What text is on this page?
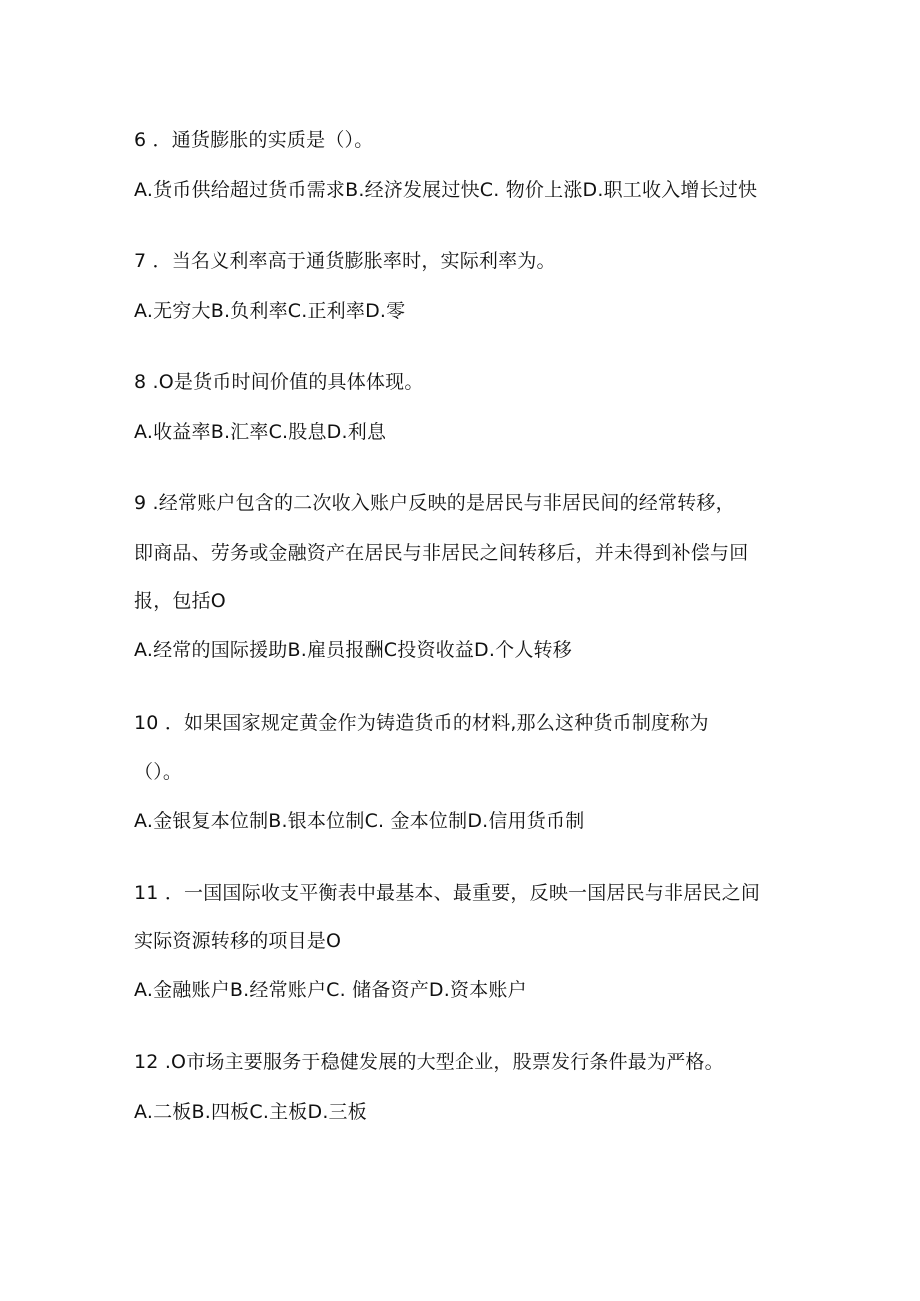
6 ．通货膨胀的实质是（）。
A.货币供给超过货币需求B.经济发展过快C. 物价上涨D.职工收入增长过快
7 ．当名义利率高于通货膨胀率时，实际利率为。
A.无穷大B.负利率C.正利率D.零
8 .O是货币时间价值的具体体现。
A.收益率B.汇率C.股息D.利息
9 .经常账户包含的二次收入账户反映的是居民与非居民间的经常转移，
即商品、劳务或金融资产在居民与非居民之间转移后，并未得到补偿与回
报，包括O
A.经常的国际援助B.雇员报酬C投资收益D.个人转移
10 ．如果国家规定黄金作为铸造货币的材料,那么这种货币制度称为
（）。
A.金银复本位制B.银本位制C. 金本位制D.信用货币制
11 ．一国国际收支平衡表中最基本、最重要，反映一国居民与非居民之间
实际资源转移的项目是O
A.金融账户B.经常账户C. 储备资产D.资本账户
12 .O市场主要服务于稳健发展的大型企业，股票发行条件最为严格。
A.二板B.四板C.主板D.三板
